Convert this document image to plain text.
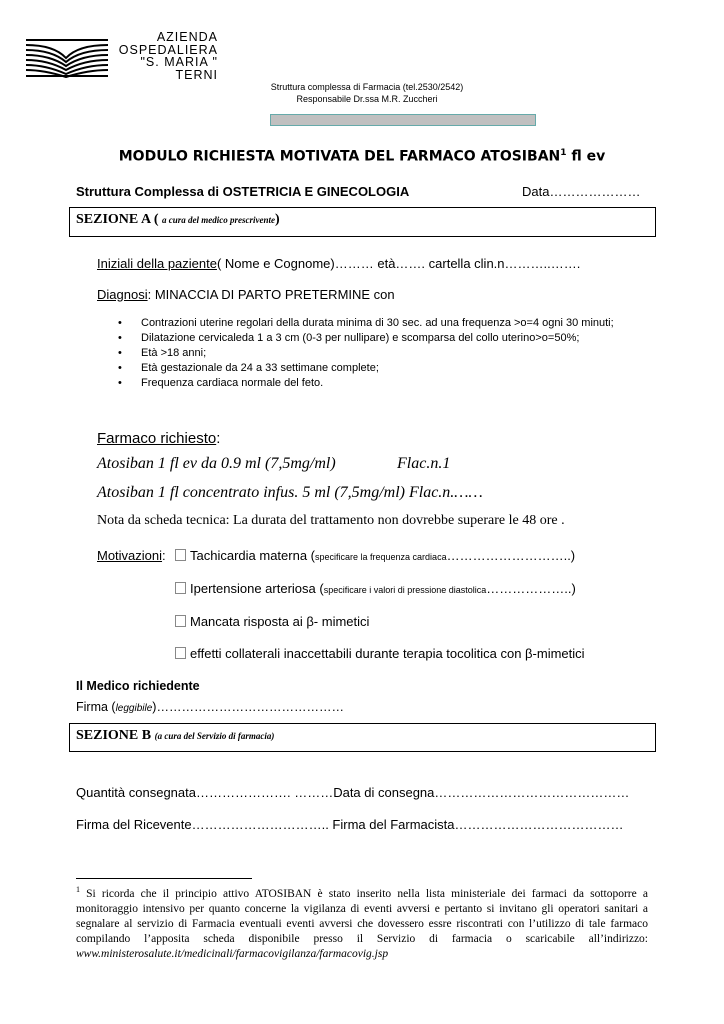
AZIENDA
OSPEDALIERA
"S. MARIA "
TERNI
Struttura complessa di Farmacia (tel.2530/2542)
Responsabile Dr.ssa M.R. Zuccheri
MODULO RICHIESTA MOTIVATA DEL FARMACO ATOSIBAN$^1$ fl ev
Struttura Complessa di OSTETRICIA E GINECOLOGIA	Data…………………
SEZIONE A ( a cura del medico prescrivente)
Iniziali della paziente( Nome e Cognome)……… età……. cartella clin.n………..…….
Diagnosi: MINACCIA DI PARTO PRETERMINE con
• Contrazioni uterine regolari della durata minima di 30 sec. ad una frequenza >o=4 ogni 30 minuti;
• Dilatazione cervicaleda 1 a 3 cm (0-3 per nullipare) e scomparsa del collo uterino>o=50%;
• Età >18 anni;
• Età gestazionale da 24 a 33 settimane complete;
• Frequenza cardiaca normale del feto.
Farmaco richiesto:
Atosiban 1 fl ev da 0.9 ml (7,5mg/ml)	Flac.n.1
Atosiban 1 fl concentrato infus. 5 ml (7,5mg/ml) Flac.n.……
Nota da scheda tecnica: La durata del trattamento non dovrebbe superare le 48 ore .
Motivazioni:	Tachicardia materna (specificare la frequenza cardiaca………………………..)
Ipertensione arteriosa (specificare i valori di pressione diastolica………………..)
Mancata risposta ai β- mimetici
effetti collaterali inaccettabili durante terapia tocolitica con β-mimetici
Il Medico richiedente
Firma (leggibile)………………………………………
SEZIONE B (a cura del Servizio di farmacia)
Quantità consegnata…………………. ………Data di consegna………………………………………
Firma del Ricevente………………………….. Firma del Farmacista…………………………………
$^1$ Si ricorda che il principio attivo ATOSIBAN è stato inserito nella lista ministeriale dei farmaci da sottoporre a monitoraggio intensivo per quanto concerne la vigilanza di eventi avversi e pertanto si invitano gli operatori sanitari a segnalare al servizio di Farmacia eventuali eventi avversi che dovessero essre riscontrati con l’utilizzo di tale farmaco compilando l’apposita scheda disponibile presso il Servizio di farmacia o scaricabile all’indirizzo: www.ministerosalute.it/medicinali/farmacovigilanza/farmacovig.jsp
